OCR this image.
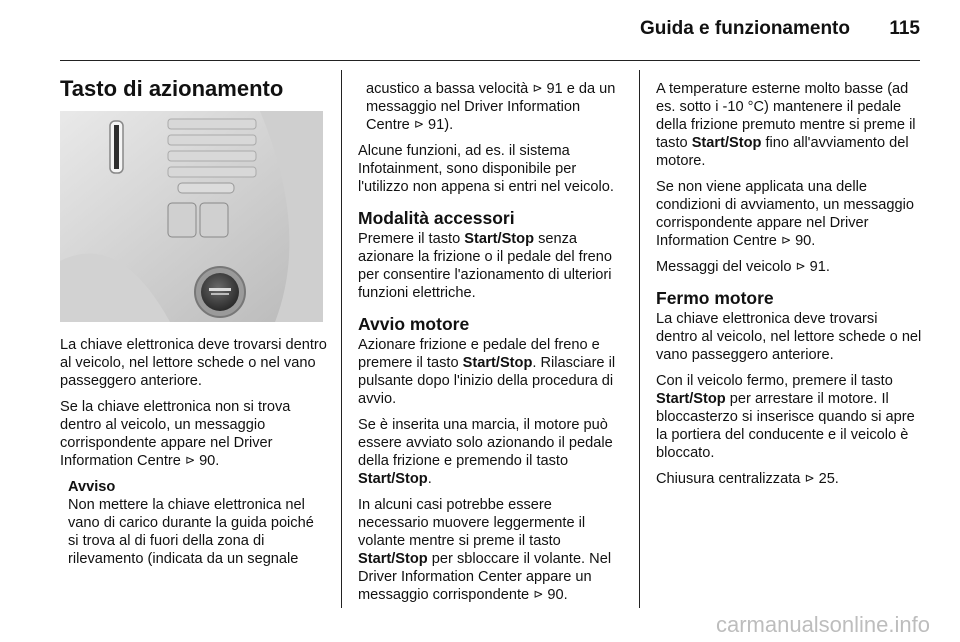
Guida e funzionamento	115
Tasto di azionamento

La chiave elettronica deve trovarsi dentro al veicolo, nel lettore schede o nel vano passeggero anteriore.

Se la chiave elettronica non si trova dentro al veicolo, un messaggio corrispondente appare nel Driver Information Centre ⊳ 90.

Avviso
Non mettere la chiave elettronica nel vano di carico durante la guida poiché si trova al di fuori della zona di rilevamento (indicata da un segnale

acustico a bassa velocità ⊳ 91 e da un messaggio nel Driver Information Centre ⊳ 91).

Alcune funzioni, ad es. il sistema Infotainment, sono disponibile per l'utilizzo non appena si entri nel veicolo.

Modalità accessori

Premere il tasto Start/Stop senza azionare la frizione o il pedale del freno per consentire l'azionamento di ulteriori funzioni elettriche.

Avvio motore

Azionare frizione e pedale del freno e premere il tasto Start/Stop. Rilasciare il pulsante dopo l'inizio della procedura di avvio.

Se è inserita una marcia, il motore può essere avviato solo azionando il pedale della frizione e premendo il tasto Start/Stop.

In alcuni casi potrebbe essere necessario muovere leggermente il volante mentre si preme il tasto Start/Stop per sbloccare il volante. Nel Driver Information Center appare un messaggio corrispondente ⊳ 90.

A temperature esterne molto basse (ad es. sotto i -10 °C) mantenere il pedale della frizione premuto mentre si preme il tasto Start/Stop fino all'avviamento del motore.

Se non viene applicata una delle condizioni di avviamento, un messaggio corrispondente appare nel Driver Information Centre ⊳ 90.

Messaggi del veicolo ⊳ 91.

Fermo motore

La chiave elettronica deve trovarsi dentro al veicolo, nel lettore schede o nel vano passeggero anteriore.

Con il veicolo fermo, premere il tasto Start/Stop per arrestare il motore. Il bloccasterzo si inserisce quando si apre la portiera del conducente e il veicolo è bloccato.

Chiusura centralizzata ⊳ 25.

carmanualsonline.info
